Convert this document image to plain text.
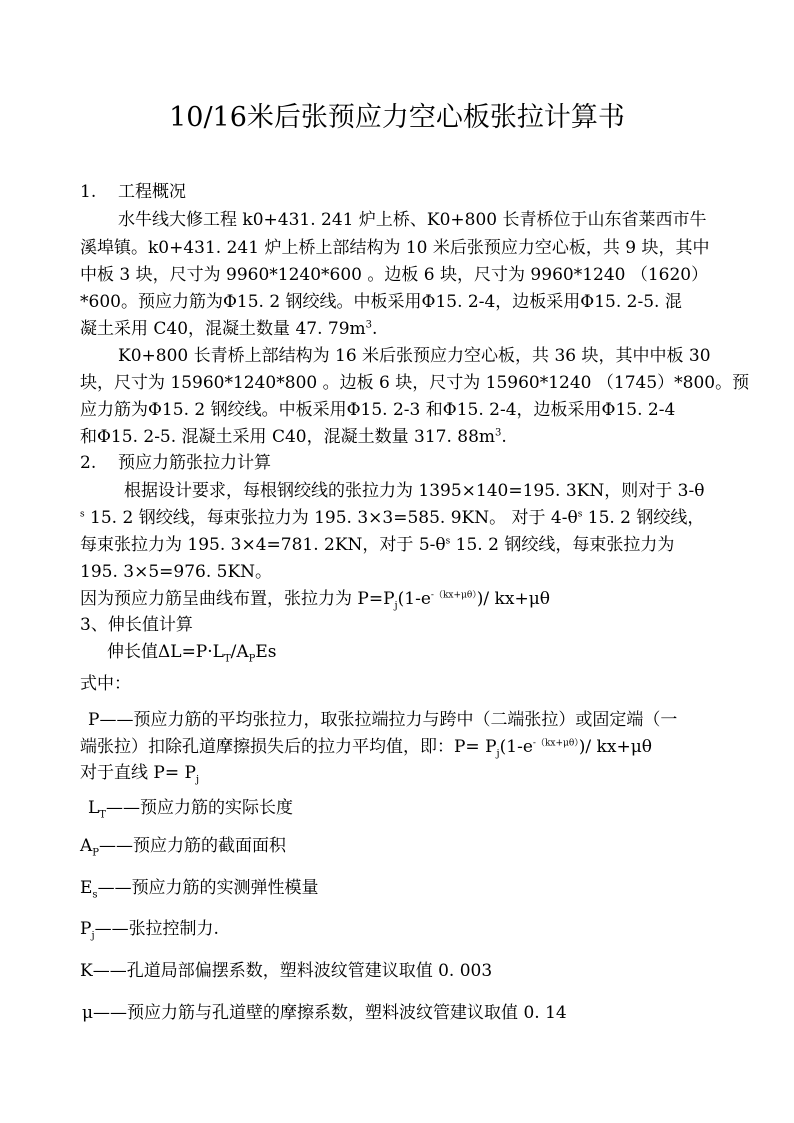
10/16米后张预应力空心板张拉计算书
1. 工程概况
水牛线大修工程 k0+431. 241 炉上桥、K0+800 长青桥位于山东省莱西市牛
溪埠镇。k0+431. 241 炉上桥上部结构为 10 米后张预应力空心板，共 9 块，其中
中板 3 块，尺寸为 9960*1240*600 。边板 6 块，尺寸为 9960*1240 （1620）
*600。预应力筋为Φ15. 2 钢绞线。中板采用Φ15. 2-4，边板采用Φ15. 2-5. 混
凝土采用 C40，混凝土数量 47. $79m^3$.
K0+800 长青桥上部结构为 16 米后张预应力空心板，共 36 块，其中中板 30
块，尺寸为 15960*1240*800 。边板 6 块，尺寸为 15960*1240 （1745）*800。预
应力筋为Φ15. 2 钢绞线。中板采用Φ15. 2-3 和Φ15. 2-4，边板采用Φ15. 2-4
和Φ15. 2-5. 混凝土采用 C40，混凝土数量 317. $88m^3$.
2. 预应力筋张拉力计算
根据设计要求，每根钢绞线的张拉力为 1395×140=195. 3KN，则对于 3-θ
$^s$ 15. 2 钢绞线，每束张拉力为 195. 3×3=585. 9KN。 对于 $4-\theta^s$ 15. 2 钢绞线，
每束张拉力为 195. 3×4=781. 2KN，对于 $5-\theta^s$ 15. 2 钢绞线，每束张拉力为
195. 3×5=976. 5KN。
因为预应力筋呈曲线布置，张拉力为 $P=P_j(1-e^{-(kx+\mu\theta)})/$ kx+μθ
3、伸长值计算
伸长值$\Delta L=P\cdot L_T/A_PEs$
式中：
P——预应力筋的平均张拉力，取张拉端拉力与跨中（二端张拉）或固定端（一
端张拉）扣除孔道摩擦损失后的拉力平均值，即：$P= P_j(1-e^{-(kx+\mu\theta)})/$ kx+μθ
对于直线 $P= P_j$
$L_T——$预应力筋的实际长度
$A_P——$预应力筋的截面面积
$E_s——$预应力筋的实测弹性模量
$P_j——$张拉控制力.
K——孔道局部偏摆系数，塑料波纹管建议取值 0. 003
μ——预应力筋与孔道壁的摩擦系数，塑料波纹管建议取值 0. 14
